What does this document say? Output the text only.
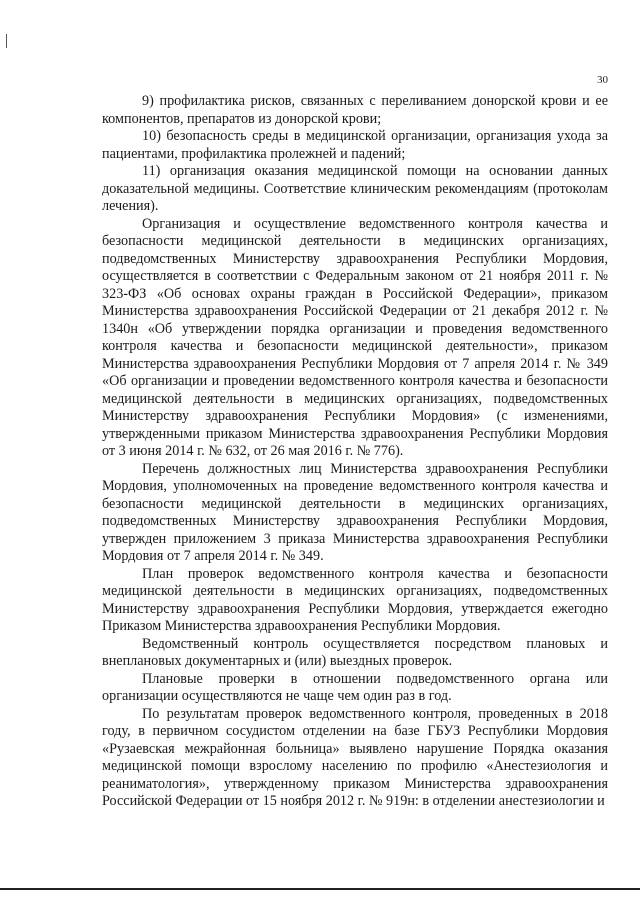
30

9) профилактика рисков, связанных с переливанием донорской крови и ее компонентов, препаратов из донорской крови;

10) безопасность среды в медицинской организации, организация ухода за пациентами, профилактика пролежней и падений;

11) организация оказания медицинской помощи на основании данных доказательной медицины. Соответствие клиническим рекомендациям (протоколам лечения).

Организация и осуществление ведомственного контроля качества и безопасности медицинской деятельности в медицинских организациях, подведомственных Министерству здравоохранения Республики Мордовия, осуществляется в соответствии с Федеральным законом от 21 ноября 2011 г. № 323-ФЗ «Об основах охраны граждан в Российской Федерации», приказом Министерства здравоохранения Российской Федерации от 21 декабря 2012 г. № 1340н «Об утверждении порядка организации и проведения ведомственного контроля качества и безопасности медицинской деятельности», приказом Министерства здравоохранения Республики Мордовия от 7 апреля 2014 г. № 349 «Об организации и проведении ведомственного контроля качества и безопасности медицинской деятельности в медицинских организациях, подведомственных Министерству здравоохранения Республики Мордовия» (с изменениями, утвержденными приказом Министерства здравоохранения Республики Мордовия от 3 июня 2014 г. № 632, от 26 мая 2016 г. № 776).

Перечень должностных лиц Министерства здравоохранения Республики Мордовия, уполномоченных на проведение ведомственного контроля качества и безопасности медицинской деятельности в медицинских организациях, подведомственных Министерству здравоохранения Республики Мордовия, утвержден приложением 3 приказа Министерства здравоохранения Республики Мордовия от 7 апреля 2014 г. № 349.

План проверок ведомственного контроля качества и безопасности медицинской деятельности в медицинских организациях, подведомственных Министерству здравоохранения Республики Мордовия, утверждается ежегодно Приказом Министерства здравоохранения Республики Мордовия.

Ведомственный контроль осуществляется посредством плановых и внеплановых документарных и (или) выездных проверок.

Плановые проверки в отношении подведомственного органа или организации осуществляются не чаще чем один раз в год.

По результатам проверок ведомственного контроля, проведенных в 2018 году, в первичном сосудистом отделении на базе ГБУЗ Республики Мордовия «Рузаевская межрайонная больница» выявлено нарушение Порядка оказания медицинской помощи взрослому населению по профилю «Анестезиология и реаниматология», утвержденному приказом Министерства здравоохранения Российской Федерации от 15 ноября 2012 г. № 919н: в отделении анестезиологии и
